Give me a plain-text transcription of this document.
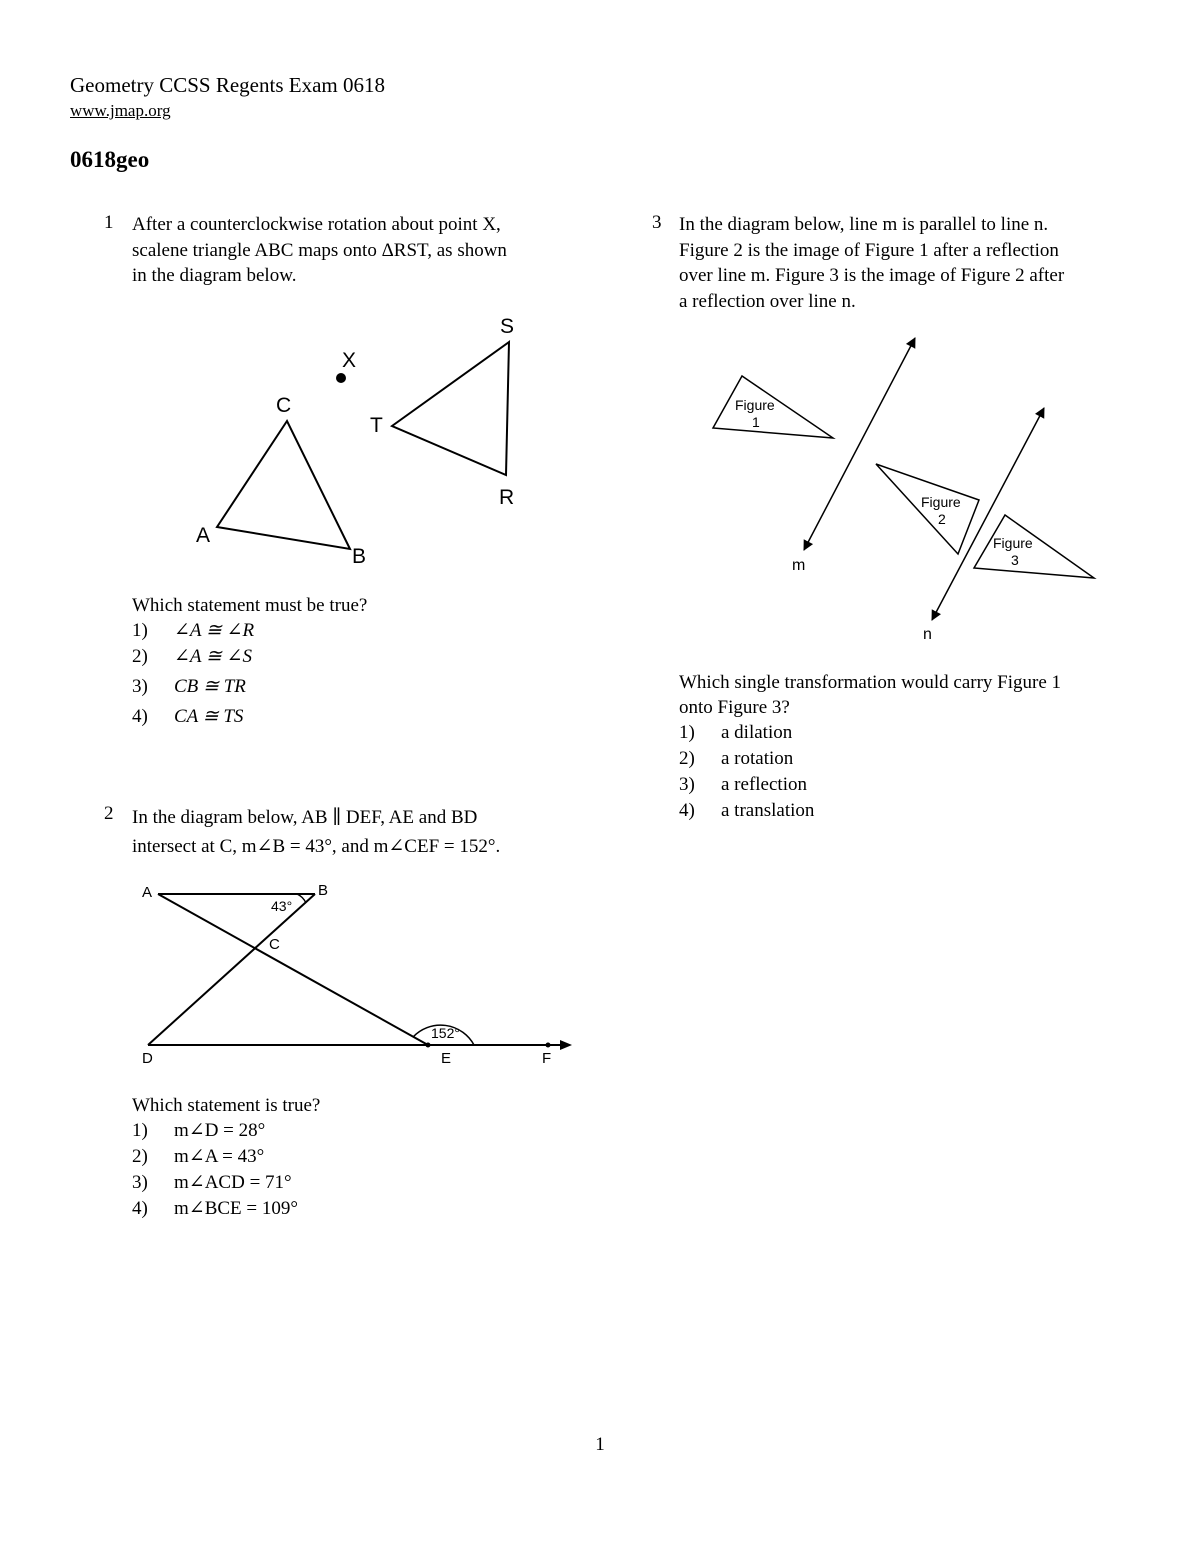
Geometry CCSS Regents Exam 0618
www.jmap.org
0618geo
1 After a counterclockwise rotation about point X,
scalene triangle ABC maps onto ΔRST, as shown
in the diagram below.
S
X
C
T
R
A
B
Which statement must be true?
1) ∠A ≅ ∠R
2) ∠A ≅ ∠S
3) CB ≅ TR
4) CA ≅ TS
2 In the diagram below, AB ∥ DEF, AE and BD
intersect at C, m∠B = 43°, and m∠CEF = 152°.
A	B
C
D	E	F
43°
152°
Which statement is true?
1) m∠D = 28°
2) m∠A = 43°
3) m∠ACD = 71°
4) m∠BCE = 109°
3 In the diagram below, line m is parallel to line n.
Figure 2 is the image of Figure 1 after a reflection
over line m. Figure 3 is the image of Figure 2 after
a reflection over line n.
Figure
1
Figure
2
Figure
3
m
n
Which single transformation would carry Figure 1
onto Figure 3?
1) a dilation
2) a rotation
3) a reflection
4) a translation
1
